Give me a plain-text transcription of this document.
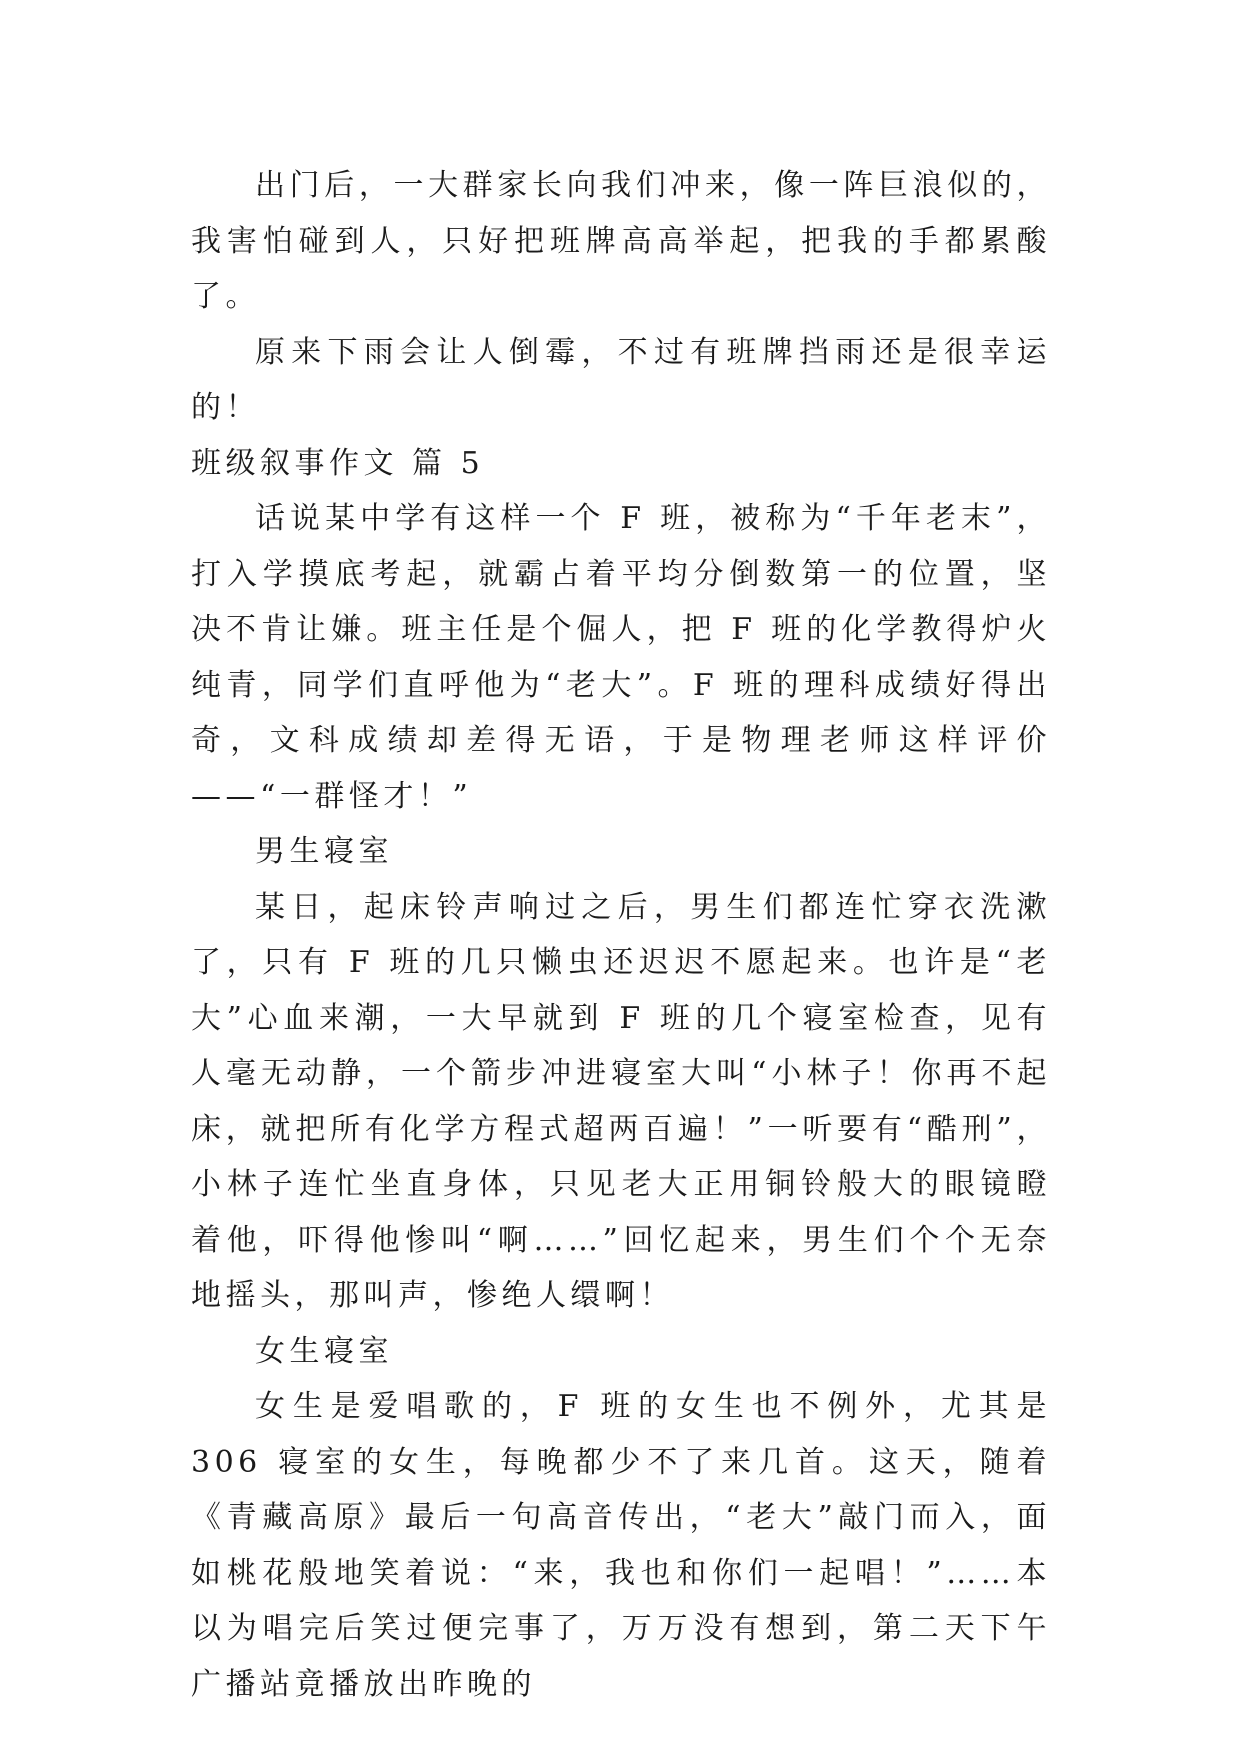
出门后，一大群家长向我们冲来，像一阵巨浪似的，我害怕碰到人，只好把班牌高高举起，把我的手都累酸了。

原来下雨会让人倒霉，不过有班牌挡雨还是很幸运的！

班级叙事作文 篇 5

话说某中学有这样一个 F 班，被称为“千年老末”，打入学摸底考起，就霸占着平均分倒数第一的位置，坚决不肯让嫌。班主任是个倔人，把 F 班的化学教得炉火纯青，同学们直呼他为“老大”。F 班的理科成绩好得出奇，文科成绩却差得无语，于是物理老师这样评价——“一群怪才！”

男生寝室

某日，起床铃声响过之后，男生们都连忙穿衣洗漱了，只有 F 班的几只懒虫还迟迟不愿起来。也许是“老大”心血来潮，一大早就到 F 班的几个寝室检查，见有人毫无动静，一个箭步冲进寝室大叫“小林子！你再不起床，就把所有化学方程式超两百遍！”一听要有“酷刑”，小林子连忙坐直身体，只见老大正用铜铃般大的眼镜瞪着他，吓得他惨叫“啊……”回忆起来，男生们个个无奈地摇头，那叫声，惨绝人缳啊！

女生寝室

女生是爱唱歌的，F 班的女生也不例外，尤其是 306 寝室的女生，每晚都少不了来几首。这天，随着《青藏高原》最后一句高音传出，“老大”敲门而入，面如桃花般地笑着说：“来，我也和你们一起唱！”……本以为唱完后笑过便完事了，万万没有想到，第二天下午广播站竟播放出昨晚的
